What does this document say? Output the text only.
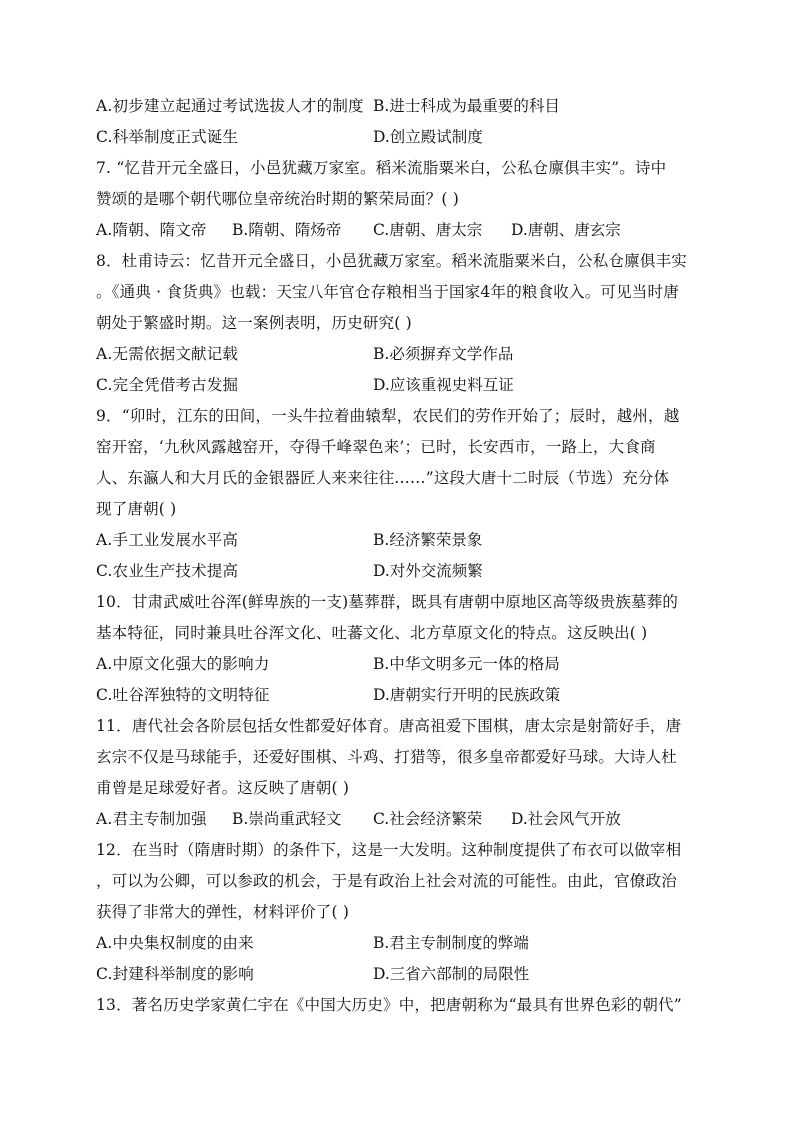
A.初步建立起通过考试选拔人才的制度 B.进士科成为最重要的科目
C.科举制度正式诞生	D.创立殿试制度
7. “忆昔开元全盛日，小邑犹藏万家室。稻米流脂粟米白，公私仓廪俱丰实”。诗中
赞颂的是哪个朝代哪位皇帝统治时期的繁荣局面？( )
A.隋朝、隋文帝 B.隋朝、隋炀帝 C.唐朝、唐太宗 D.唐朝、唐玄宗
8．杜甫诗云：忆昔开元全盛日，小邑犹藏万家室。稻米流脂粟米白，公私仓廪俱丰实
。《通典 · 食货典》也载：天宝八年官仓存粮相当于国家4年的粮食收入。可见当时唐
朝处于繁盛时期。这一案例表明，历史研究( )
A.无需依据文献记载	B.必须摒弃文学作品
C.完全凭借考古发掘	D.应该重视史料互证
9．“卯时，江东的田间，一头牛拉着曲辕犁，农民们的劳作开始了；辰时，越州，越
窑开窑，‘九秋风露越窑开，夺得千峰翠色来’；已时，长安西市，一路上，大食商
人、东瀛人和大月氏的金银器匠人来来往往……”这段大唐十二时辰（节选）充分体
现了唐朝( )
A.手工业发展水平高	B.经济繁荣景象
C.农业生产技术提高	D.对外交流频繁
10．甘肃武威吐谷浑(鲜卑族的一支)墓葬群，既具有唐朝中原地区高等级贵族墓葬的
基本特征，同时兼具吐谷浑文化、吐蕃文化、北方草原文化的特点。这反映出( )
A.中原文化强大的影响力	B.中华文明多元一体的格局
C.吐谷浑独特的文明特征	D.唐朝实行开明的民族政策
11．唐代社会各阶层包括女性都爱好体育。唐高祖爱下围棋，唐太宗是射箭好手，唐
玄宗不仅是马球能手，还爱好围棋、斗鸡、打猎等，很多皇帝都爱好马球。大诗人杜
甫曾是足球爱好者。这反映了唐朝( )
A.君主专制加强 B.崇尚重武轻文 C.社会经济繁荣 D.社会风气开放
12．在当时（隋唐时期）的条件下，这是一大发明。这种制度提供了布衣可以做宰相
，可以为公卿，可以参政的机会，于是有政治上社会对流的可能性。由此，官僚政治
获得了非常大的弹性，材料评价了( )
A.中央集权制度的由来	B.君主专制制度的弊端
C.封建科举制度的影响	D.三省六部制的局限性
13．著名历史学家黄仁宇在《中国大历史》中，把唐朝称为“最具有世界色彩的朝代”
